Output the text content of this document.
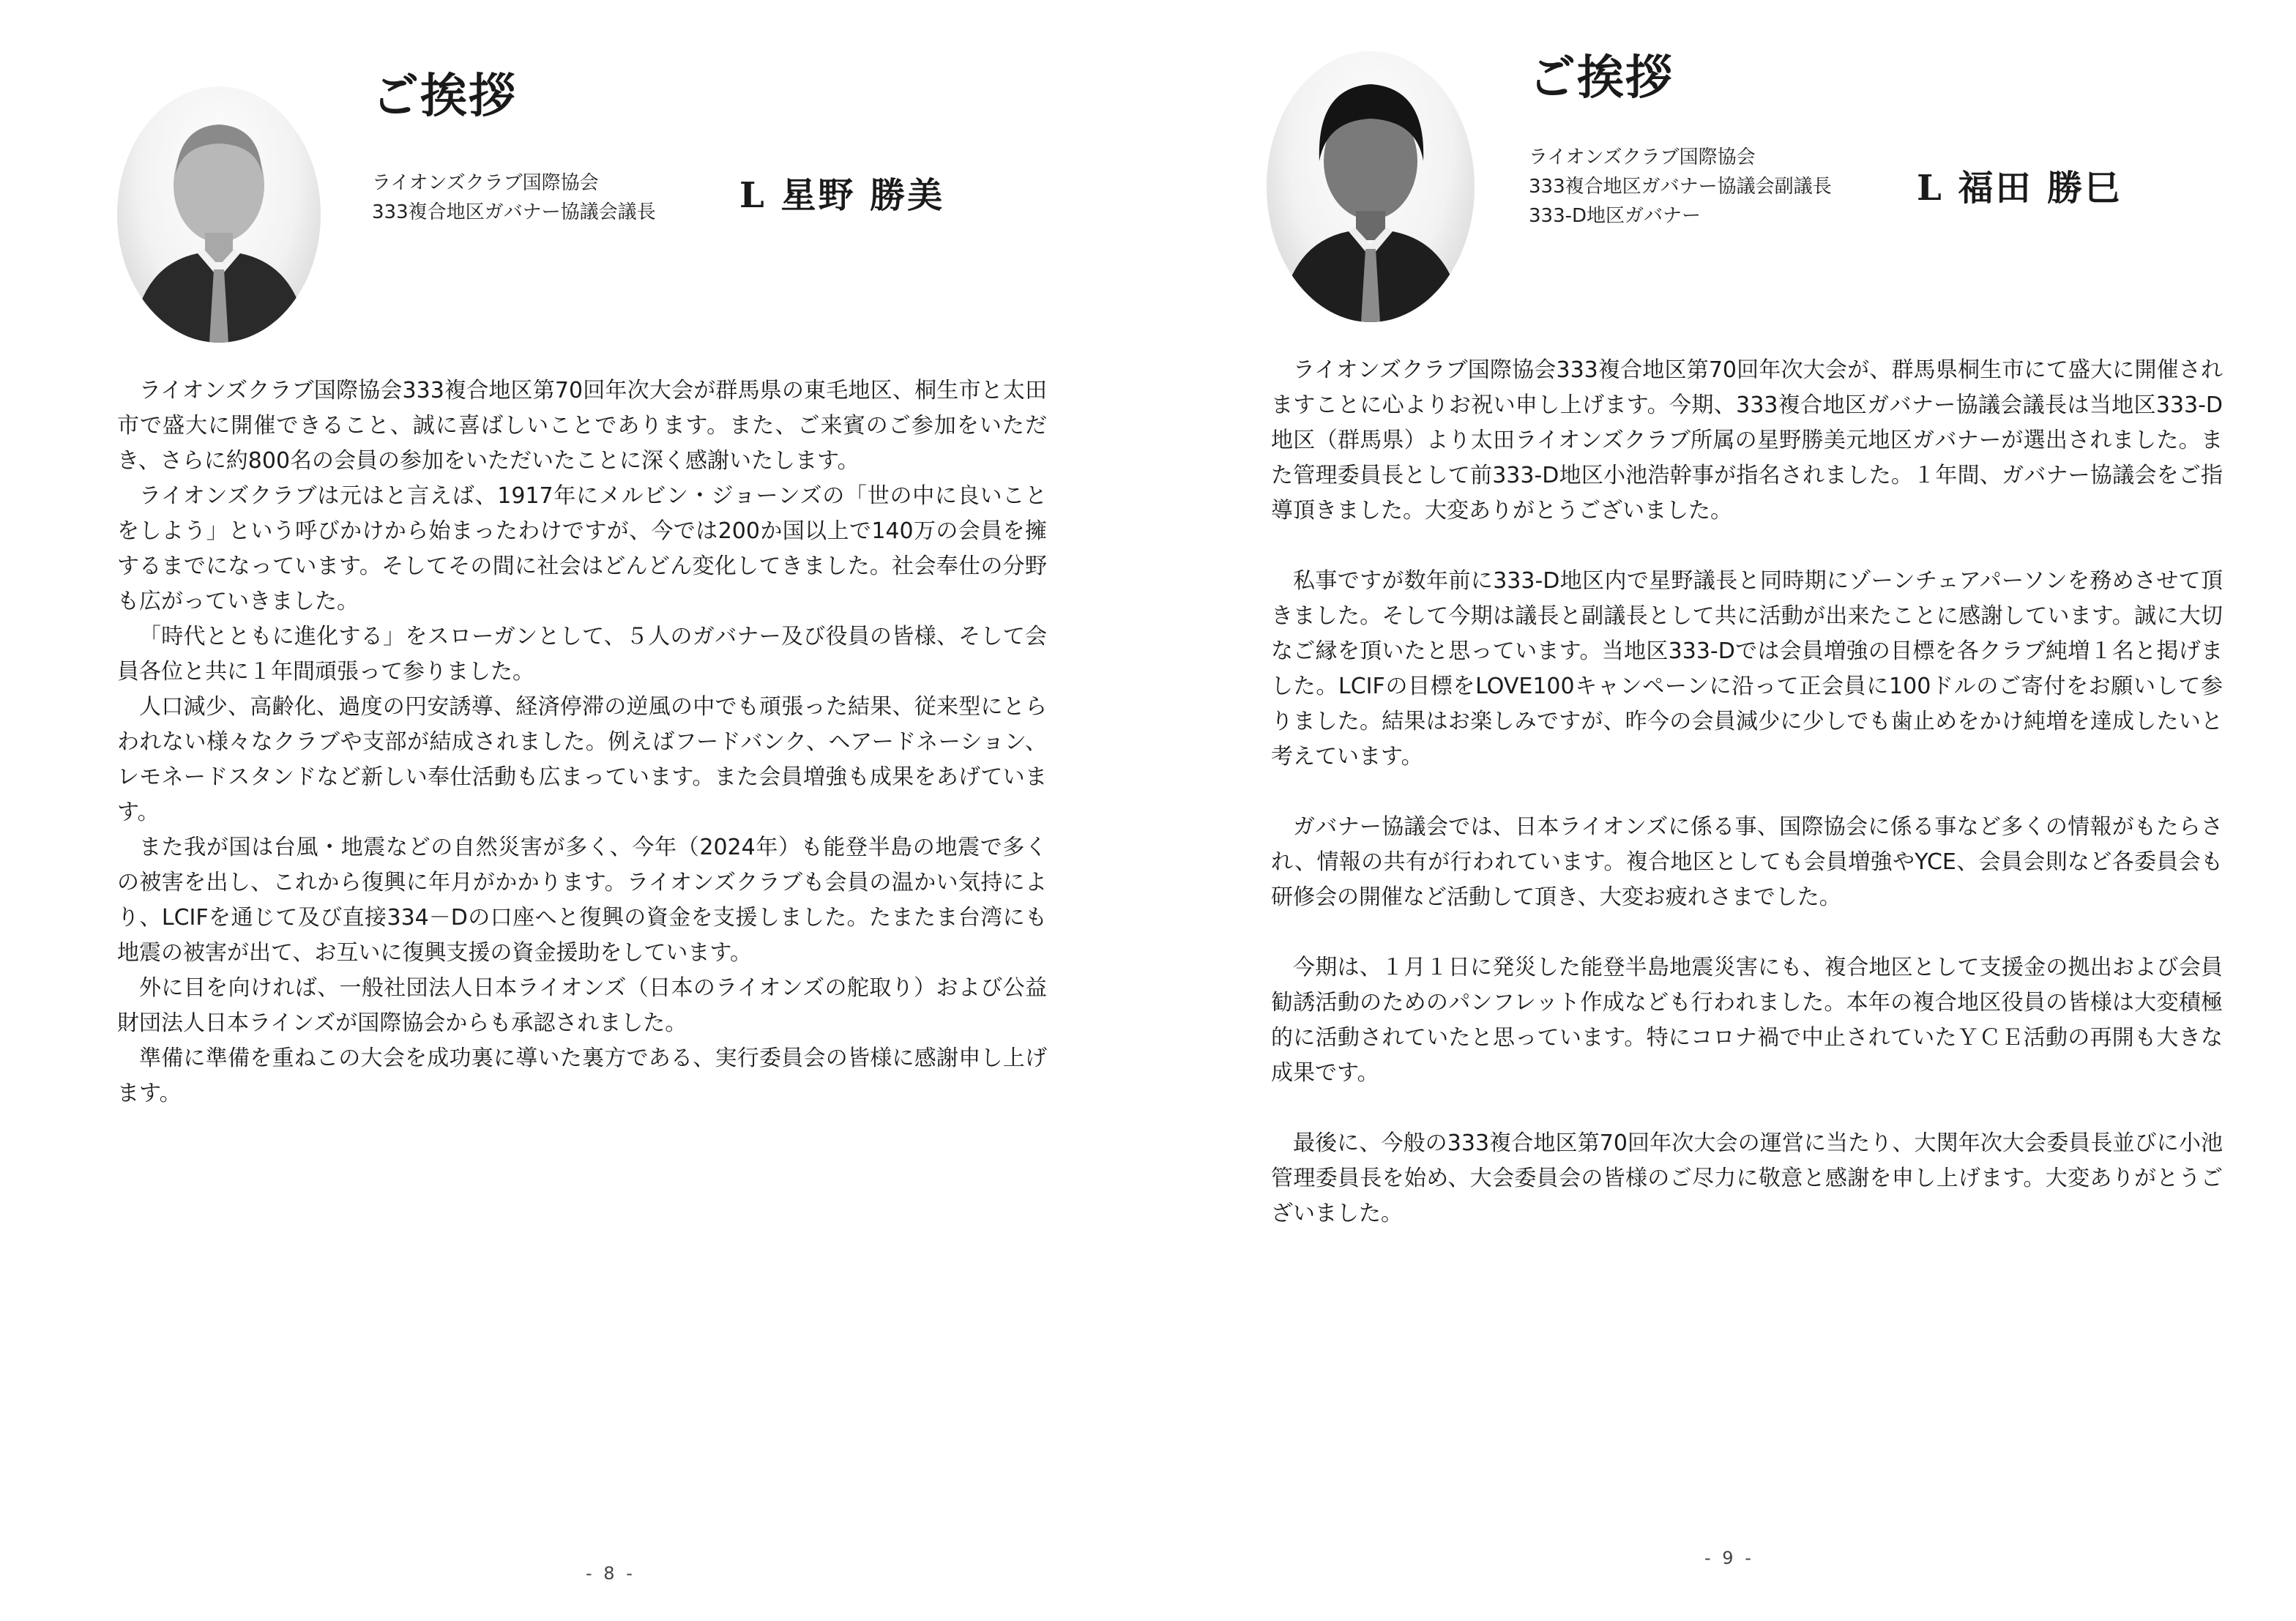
ご挨拶
ライオンズクラブ国際協会
333複合地区ガバナー協議会議長 L 星野 勝美

ライオンズクラブ国際協会333複合地区第70回年次大会が群馬県の東毛地区、桐生市と太田市で盛大に開催できること、誠に喜ばしいことであります。また、ご来賓のご参加をいただき、さらに約800名の会員の参加をいただいたことに深く感謝いたします。

ライオンズクラブは元はと言えば、1917年にメルビン・ジョーンズの「世の中に良いことをしよう」という呼びかけから始まったわけですが、今では200か国以上で140万の会員を擁するまでになっています。そしてその間に社会はどんどん変化してきました。社会奉仕の分野も広がっていきました。

「時代とともに進化する」をスローガンとして、５人のガバナー及び役員の皆様、そして会員各位と共に１年間頑張って参りました。

人口減少、高齢化、過度の円安誘導、経済停滞の逆風の中でも頑張った結果、従来型にとらわれない様々なクラブや支部が結成されました。例えばフードバンク、ヘアードネーション、レモネードスタンドなど新しい奉仕活動も広まっています。また会員増強も成果をあげています。

また我が国は台風・地震などの自然災害が多く、今年（2024年）も能登半島の地震で多くの被害を出し、これから復興に年月がかかります。ライオンズクラブも会員の温かい気持により、LCIFを通じて及び直接334－Dの口座へと復興の資金を支援しました。たまたま台湾にも地震の被害が出て、お互いに復興支援の資金援助をしています。

外に目を向ければ、一般社団法人日本ライオンズ（日本のライオンズの舵取り）および公益財団法人日本ラインズが国際協会からも承認されました。

準備に準備を重ねこの大会を成功裏に導いた裏方である、実行委員会の皆様に感謝申し上げます。

- 8 -
ご挨拶
ライオンズクラブ国際協会
333複合地区ガバナー協議会副議長
333-D地区ガバナー
L 福田 勝巳

ライオンズクラブ国際協会333複合地区第70回年次大会が、群馬県桐生市にて盛大に開催されますことに心よりお祝い申し上げます。今期、333複合地区ガバナー協議会議長は当地区333-D地区（群馬県）より太田ライオンズクラブ所属の星野勝美元地区ガバナーが選出されました。また管理委員長として前333-D地区小池浩幹事が指名されました。１年間、ガバナー協議会をご指導頂きました。大変ありがとうございました。

私事ですが数年前に333-D地区内で星野議長と同時期にゾーンチェアパーソンを務めさせて頂きました。そして今期は議長と副議長として共に活動が出来たことに感謝しています。誠に大切なご縁を頂いたと思っています。当地区333-Dでは会員増強の目標を各クラブ純増１名と掲げました。LCIFの目標をLOVE100キャンペーンに沿って正会員に100ドルのご寄付をお願いして参りました。結果はお楽しみですが、昨今の会員減少に少しでも歯止めをかけ純増を達成したいと考えています。

ガバナー協議会では、日本ライオンズに係る事、国際協会に係る事など多くの情報がもたらされ、情報の共有が行われています。複合地区としても会員増強やYCE、会員会則など各委員会も研修会の開催など活動して頂き、大変お疲れさまでした。

今期は、１月１日に発災した能登半島地震災害にも、複合地区として支援金の拠出および会員勧誘活動のためのパンフレット作成なども行われました。本年の複合地区役員の皆様は大変積極的に活動されていたと思っています。特にコロナ禍で中止されていたＹＣＥ活動の再開も大きな成果です。

最後に、今般の333複合地区第70回年次大会の運営に当たり、大関年次大会委員長並びに小池管理委員長を始め、大会委員会の皆様のご尽力に敬意と感謝を申し上げます。大変ありがとうございました。

- 9 -
